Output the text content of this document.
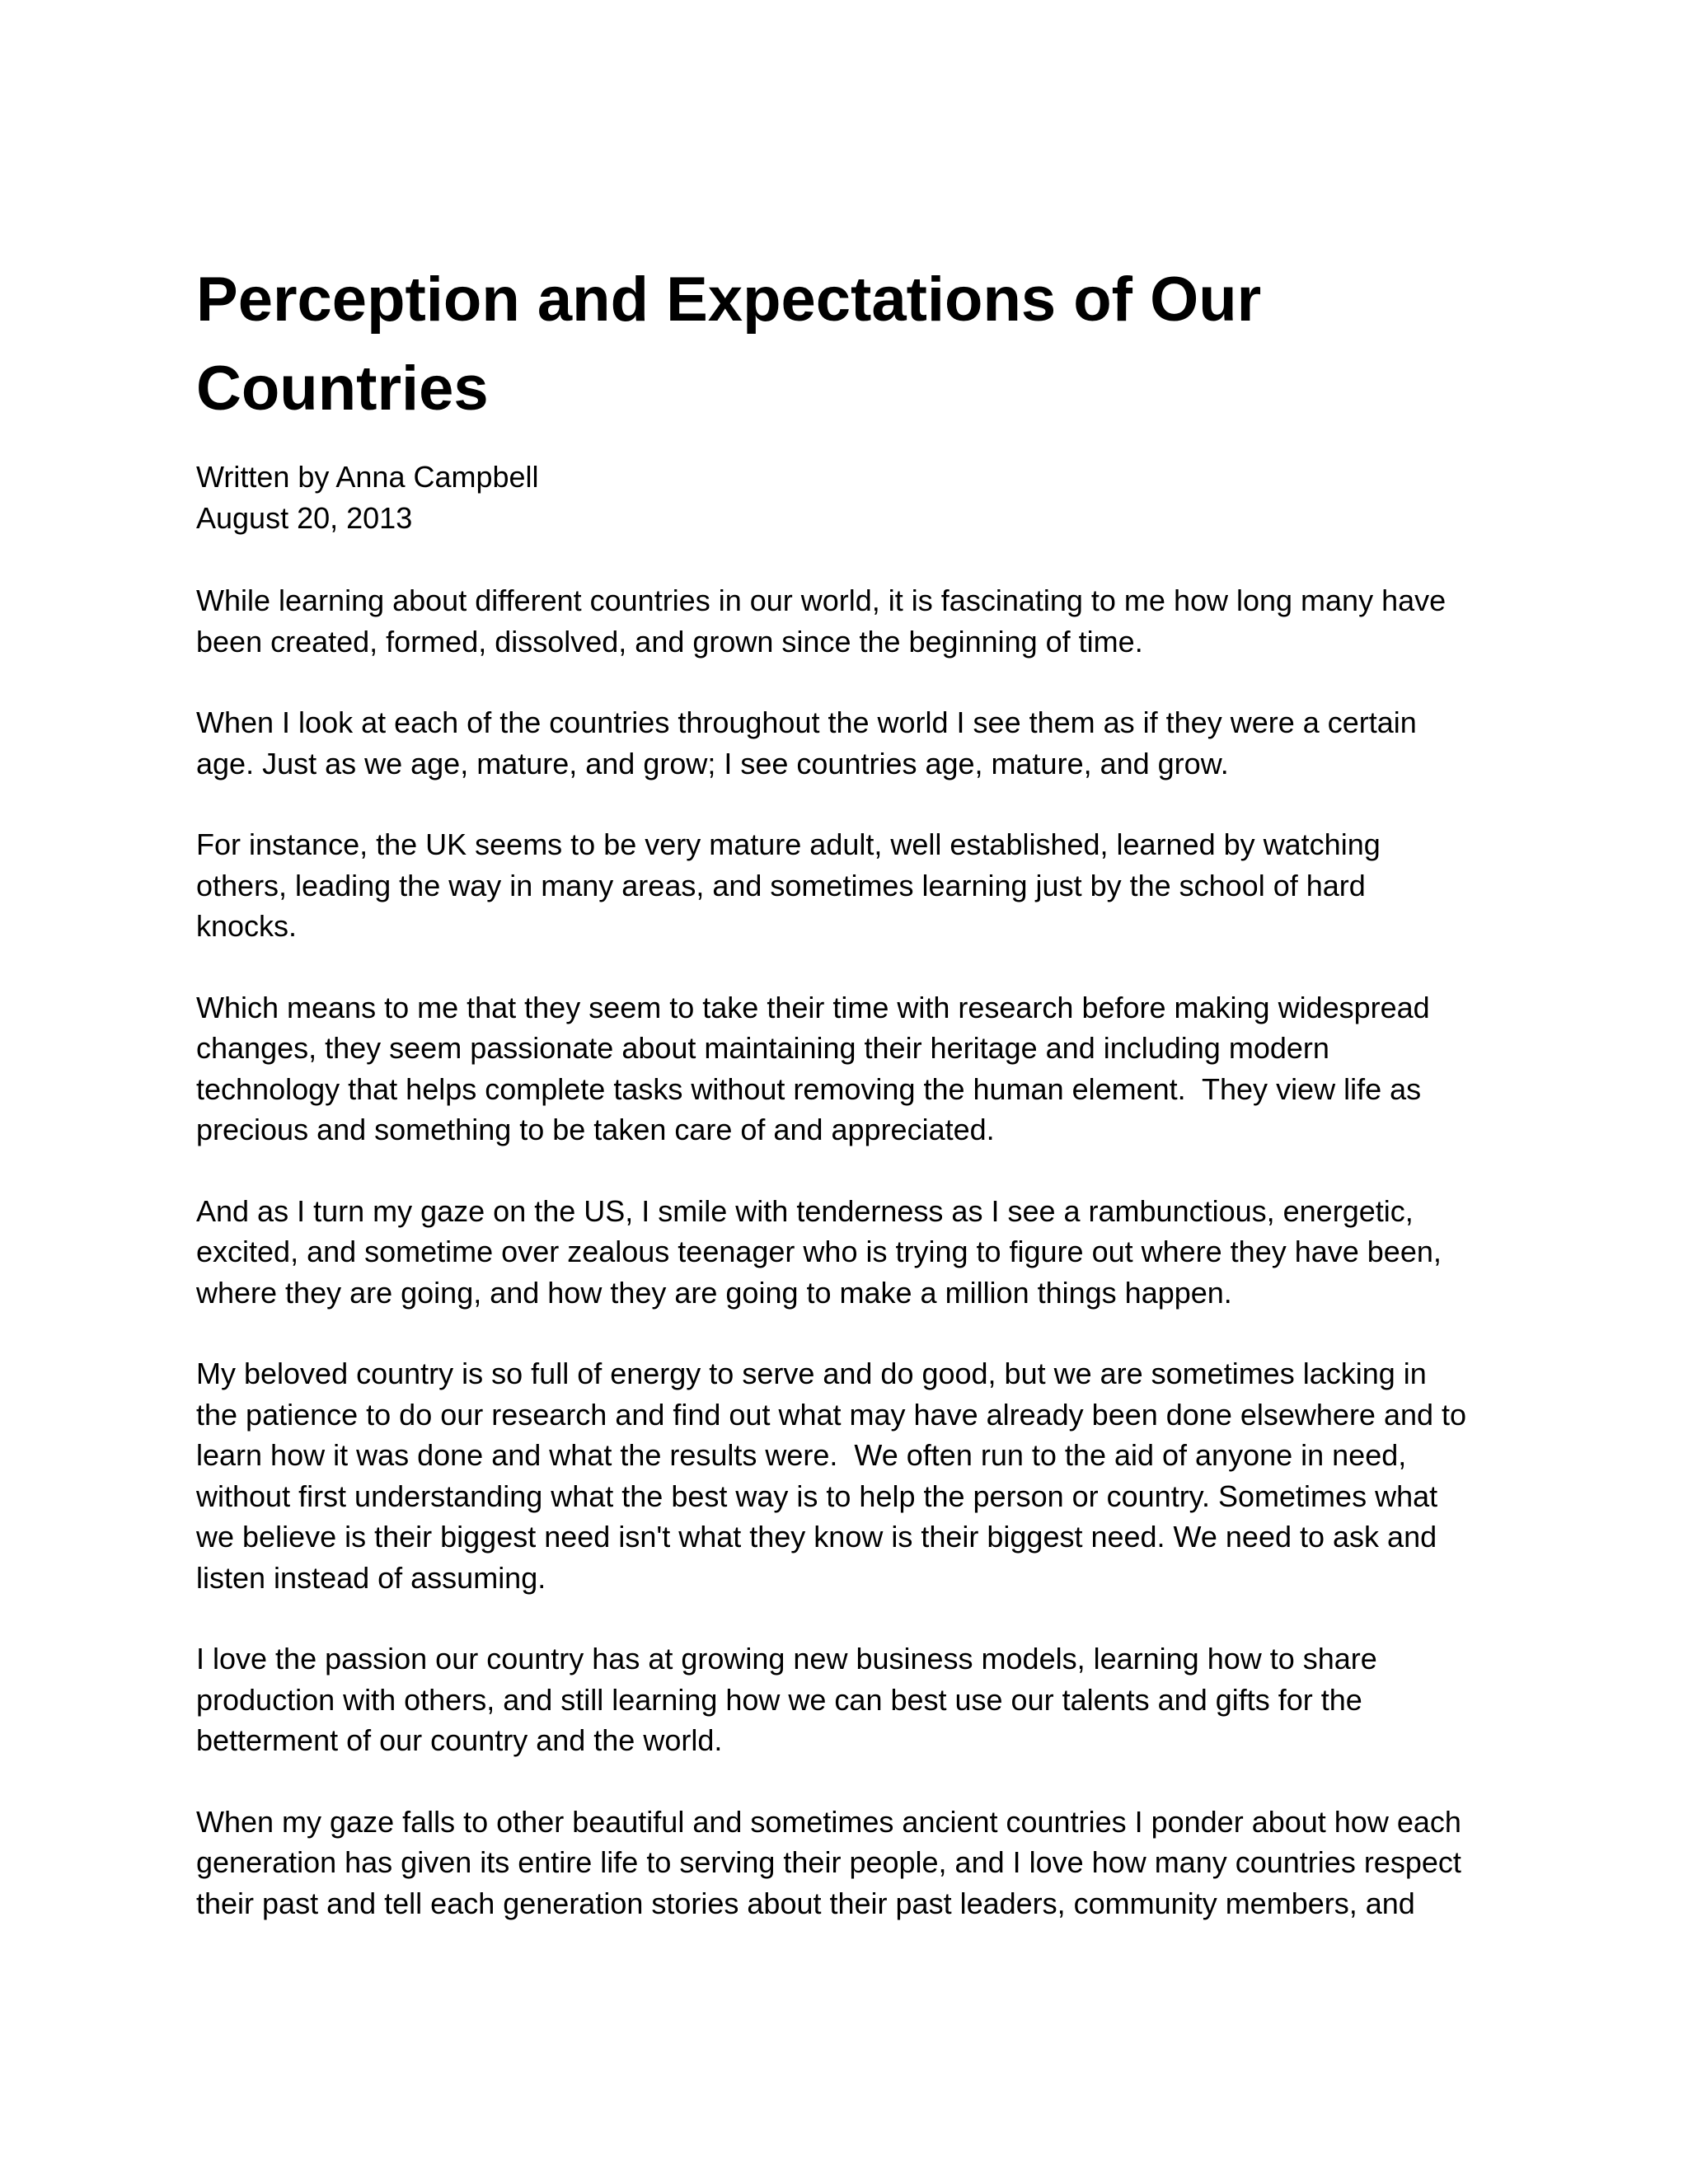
Perception and Expectations of Our
Countries
Written by Anna Campbell
August 20, 2013

While learning about different countries in our world, it is fascinating to me how long many have
been created, formed, dissolved, and grown since the beginning of time.

When I look at each of the countries throughout the world I see them as if they were a certain
age. Just as we age, mature, and grow; I see countries age, mature, and grow.

For instance, the UK seems to be very mature adult, well established, learned by watching
others, leading the way in many areas, and sometimes learning just by the school of hard
knocks.

Which means to me that they seem to take their time with research before making widespread
changes, they seem passionate about maintaining their heritage and including modern
technology that helps complete tasks without removing the human element.  They view life as
precious and something to be taken care of and appreciated.

And as I turn my gaze on the US, I smile with tenderness as I see a rambunctious, energetic,
excited, and sometime over zealous teenager who is trying to figure out where they have been,
where they are going, and how they are going to make a million things happen.

My beloved country is so full of energy to serve and do good, but we are sometimes lacking in
the patience to do our research and find out what may have already been done elsewhere and to
learn how it was done and what the results were.  We often run to the aid of anyone in need,
without first understanding what the best way is to help the person or country. Sometimes what
we believe is their biggest need isn't what they know is their biggest need. We need to ask and
listen instead of assuming.

I love the passion our country has at growing new business models, learning how to share
production with others, and still learning how we can best use our talents and gifts for the
betterment of our country and the world.

When my gaze falls to other beautiful and sometimes ancient countries I ponder about how each
generation has given its entire life to serving their people, and I love how many countries respect
their past and tell each generation stories about their past leaders, community members, and
